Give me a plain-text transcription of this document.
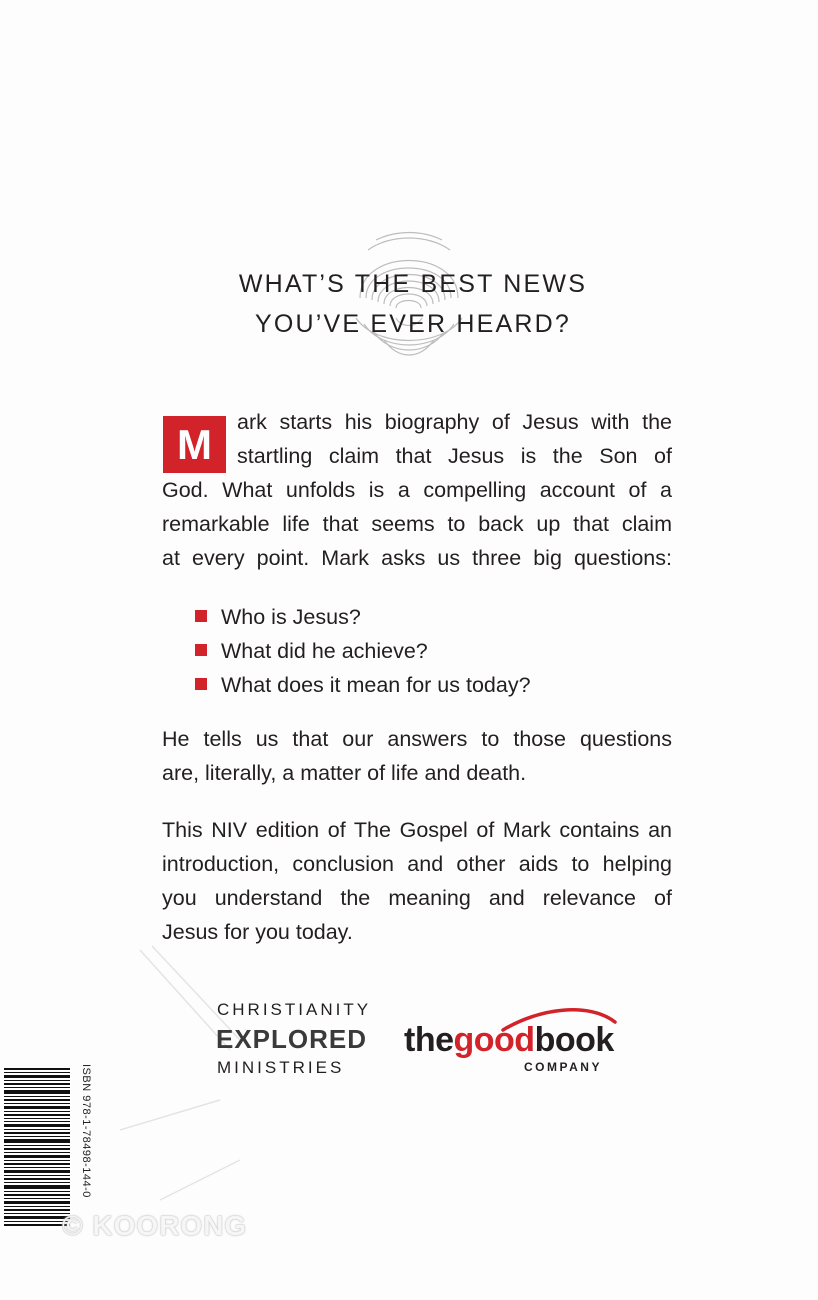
WHAT’S THE BEST NEWS
YOU’VE EVER HEARD?
M	ark starts his biography of Jesus with the
startling claim that Jesus is the Son of
God. What unfolds is a compelling account of a
remarkable life that seems to back up that claim
at every point. Mark asks us three big questions:
Who is Jesus?
What did he achieve?
What does it mean for us today?
He tells us that our answers to those questions
are, literally, a matter of life and death.
This NIV edition of The Gospel of Mark contains an
introduction, conclusion and other aids to helping
you understand the meaning and relevance of
Jesus for you today.
CHRISTIANITY
EXPLORED
MINISTRIES
thegoodbook
COMPANY
ISBN 978-1-78498-144-0
© KOORONG
